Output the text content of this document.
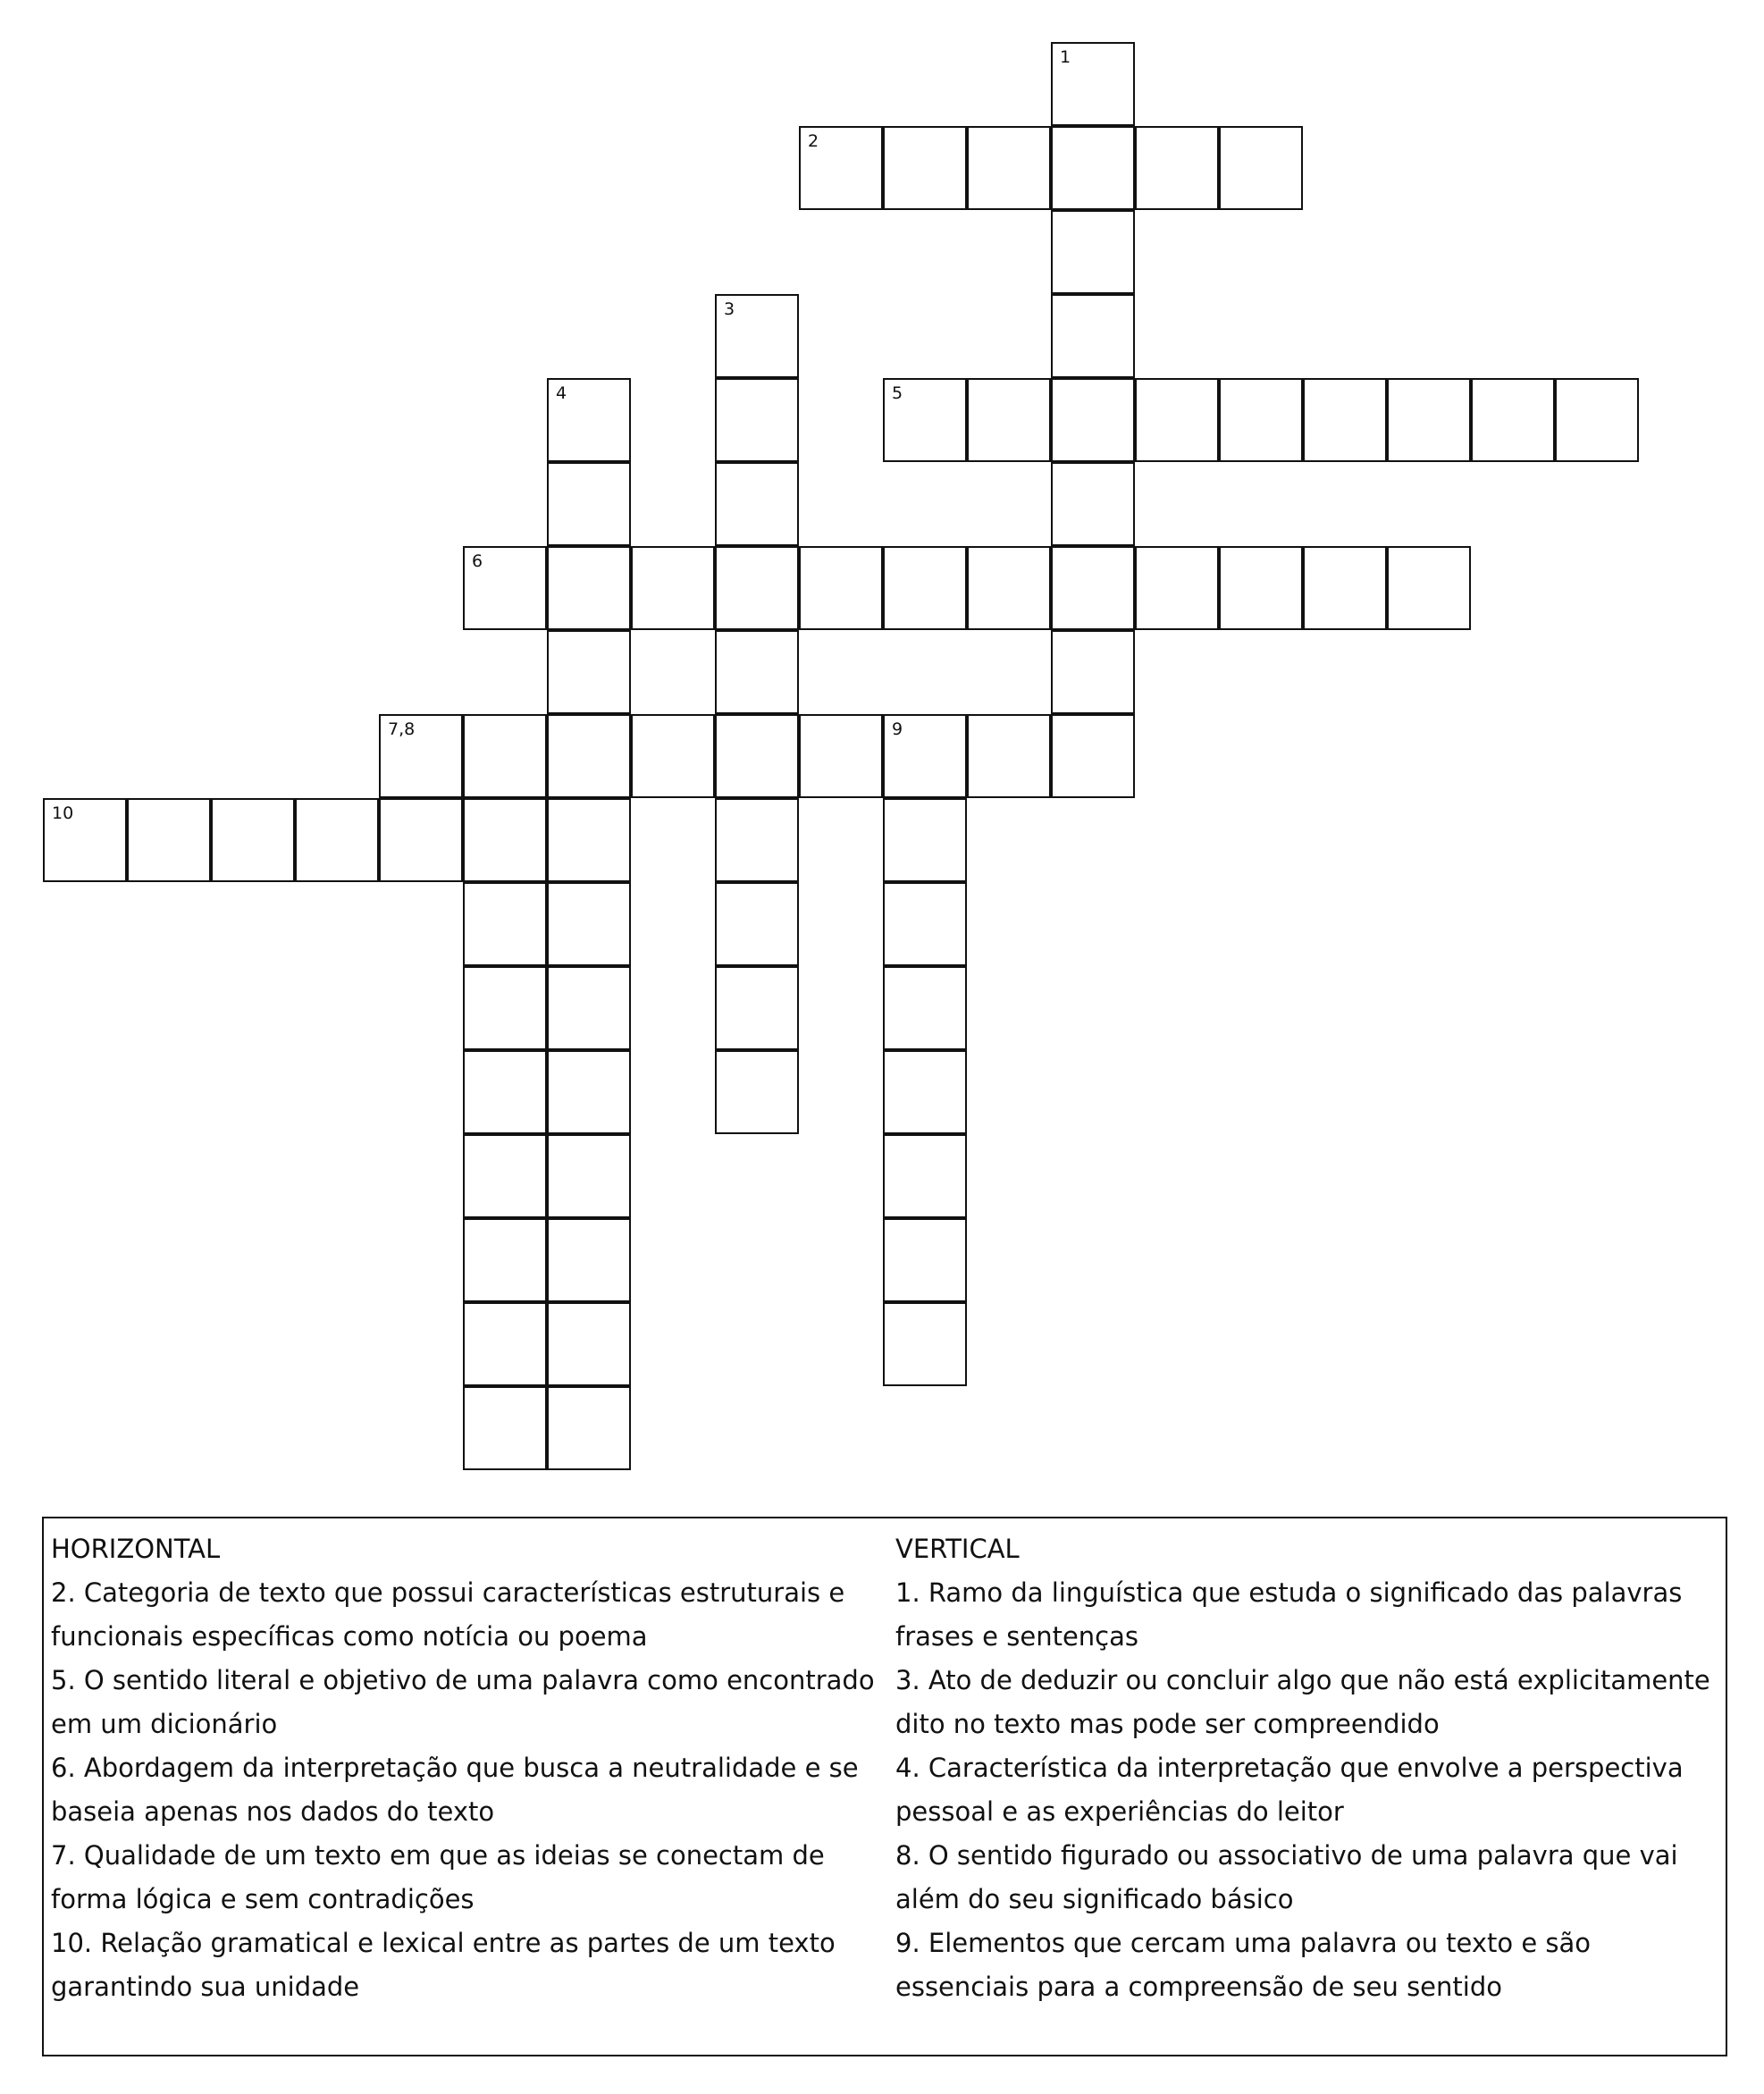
1
2
3
4	5
6
7,8	9
10

HORIZONTAL

2. Categoria de texto que possui características estruturais e funcionais específicas como notícia ou poema

5. O sentido literal e objetivo de uma palavra como encontrado em um dicionário

6. Abordagem da interpretação que busca a neutralidade e se baseia apenas nos dados do texto

7. Qualidade de um texto em que as ideias se conectam de forma lógica e sem contradições

10. Relação gramatical e lexical entre as partes de um texto garantindo sua unidade

VERTICAL

1. Ramo da linguística que estuda o significado das palavras frases e sentenças

3. Ato de deduzir ou concluir algo que não está explicitamente dito no texto mas pode ser compreendido

4. Característica da interpretação que envolve a perspectiva pessoal e as experiências do leitor

8. O sentido figurado ou associativo de uma palavra que vai além do seu significado básico

9. Elementos que cercam uma palavra ou texto e são essenciais para a compreensão de seu sentido
